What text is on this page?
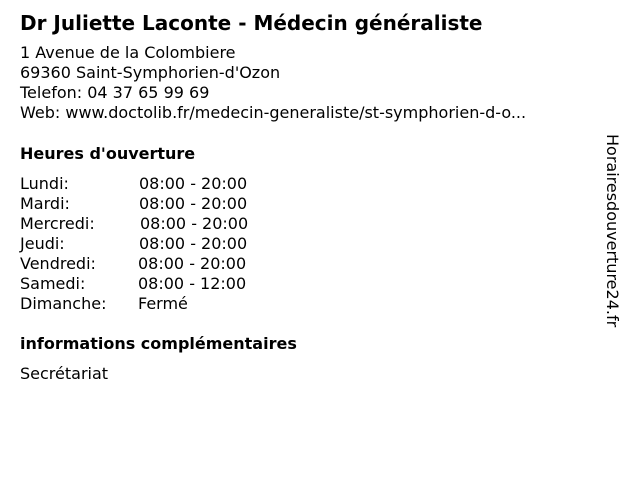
Dr Juliette Laconte - Médecin généraliste
1 Avenue de la Colombiere
69360 Saint-Symphorien-d'Ozon
Telefon: 04 37 65 99 69
Web: www.doctolib.fr/medecin-generaliste/st-symphorien-d-o...
Heures d'ouverture
Lundi:	08:00 - 20:00
Mardi:	08:00 - 20:00
Mercredi:	08:00 - 20:00
Jeudi:	08:00 - 20:00
Vendredi:	08:00 - 20:00
Samedi:	08:00 - 12:00
Dimanche: Fermé
informations complémentaires
Secrétariat
Horairesdouverture24.fr
